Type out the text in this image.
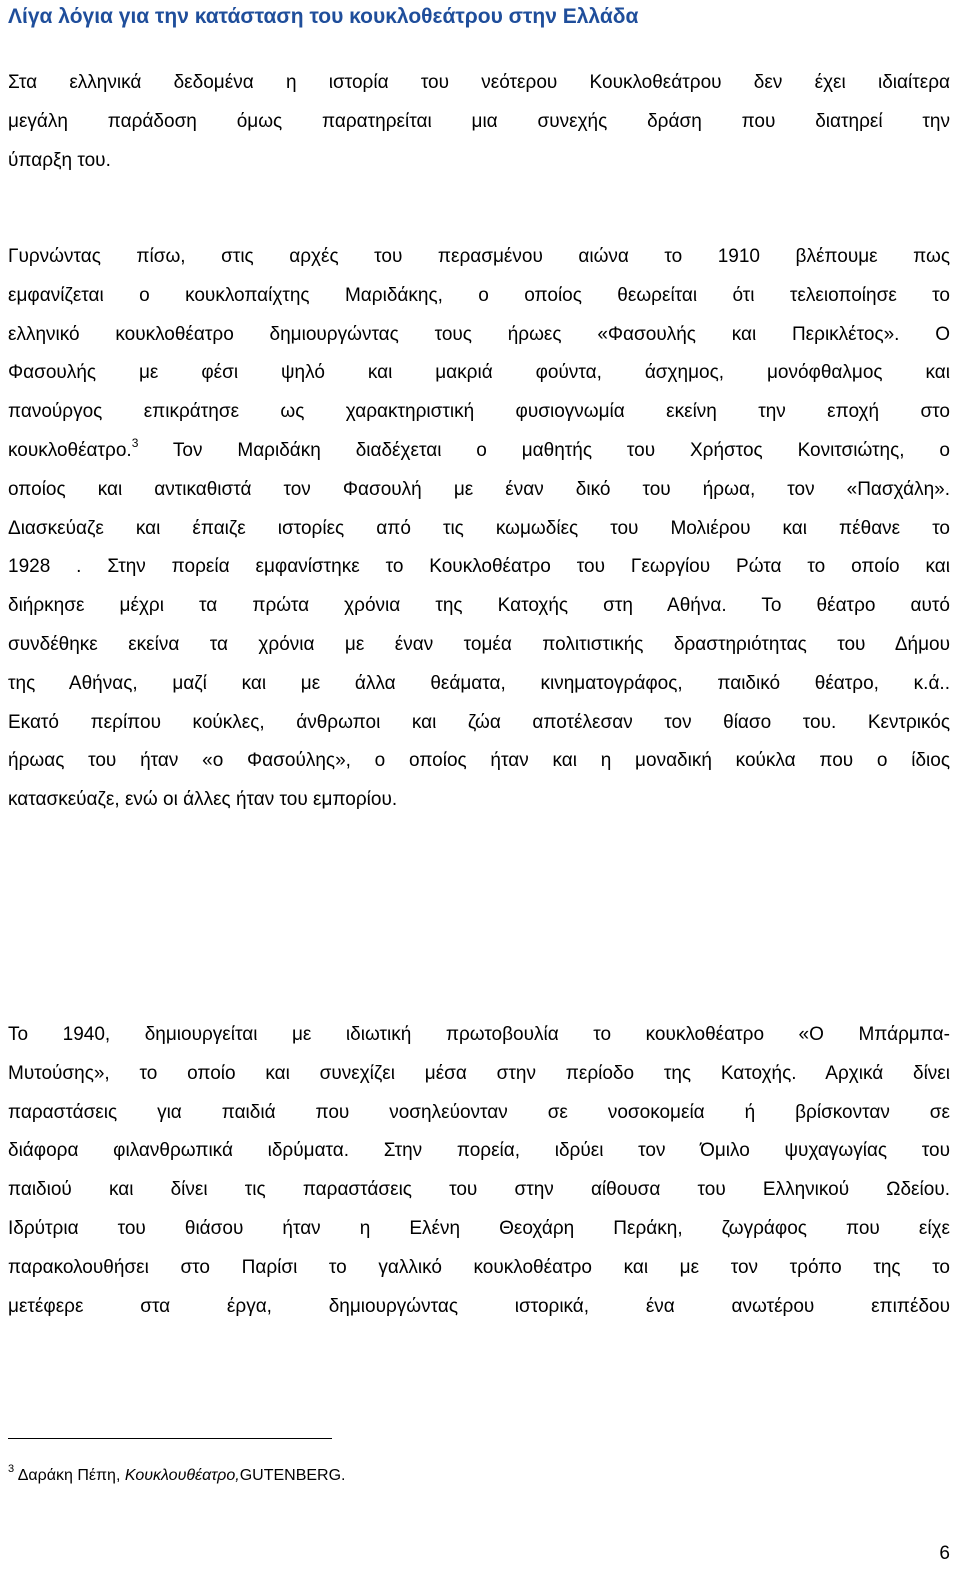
Λίγα λόγια για την κατάσταση του κουκλοθεάτρου στην Ελλάδα
Στα ελληνικά δεδομένα η ιστορία του νεότερου Κουκλοθεάτρου δεν έχει ιδιαίτερα
μεγάλη παράδοση όμως παρατηρείται μια συνεχής δράση που διατηρεί την
ύπαρξη του.
Γυρνώντας πίσω, στις αρχές του περασμένου αιώνα το 1910 βλέπουμε πως
εμφανίζεται ο κουκλοπαίχτης Μαριδάκης, ο οποίος θεωρείται ότι τελειοποίησε το
ελληνικό κουκλοθέατρο δημιουργώντας τους ήρωες «Φασουλής και Περικλέτος». Ο
Φασουλής με φέσι ψηλό και μακριά φούντα, άσχημος, μονόφθαλμος και
πανούργος επικράτησε ως χαρακτηριστική φυσιογνωμία εκείνη την εποχή στο
κουκλοθέατρο.$^3$ Τον Μαριδάκη διαδέχεται ο μαθητής του Χρήστος Κονιτσιώτης, ο
οποίος και αντικαθιστά τον Φασουλή με έναν δικό του ήρωα, τον «Πασχάλη».
Διασκεύαζε και έπαιζε ιστορίες από τις κωμωδίες του Μολιέρου και πέθανε το
1928 . Στην πορεία εμφανίστηκε το Κουκλοθέατρο του Γεωργίου Ρώτα το οποίο και
διήρκησε μέχρι τα πρώτα χρόνια της Κατοχής στη Αθήνα. Το θέατρο αυτό
συνδέθηκε εκείνα τα χρόνια με έναν τομέα πολιτιστικής δραστηριότητας του Δήμου
της Αθήνας, μαζί και με άλλα θεάματα, κινηματογράφος, παιδικό θέατρο, κ.ά..
Εκατό περίπου κούκλες, άνθρωποι και ζώα αποτέλεσαν τον θίασο του. Κεντρικός
ήρωας του ήταν «ο Φασούλης», ο οποίος ήταν και η μοναδική κούκλα που ο ίδιος
κατασκεύαζε, ενώ οι άλλες ήταν του εμπορίου.
Το 1940, δημιουργείται με ιδιωτική πρωτοβουλία το κουκλοθέατρο «Ο Μπάρμπα-
Μυτούσης», το οποίο και συνεχίζει μέσα στην περίοδο της Κατοχής. Αρχικά δίνει
παραστάσεις για παιδιά που νοσηλεύονταν σε νοσοκομεία ή βρίσκονταν σε
διάφορα φιλανθρωπικά ιδρύματα. Στην πορεία, ιδρύει τον Όμιλο ψυχαγωγίας του
παιδιού και δίνει τις παραστάσεις του στην αίθουσα του Ελληνικού Ωδείου.
Ιδρύτρια του θιάσου ήταν η Ελένη Θεοχάρη Περάκη, ζωγράφος που είχε
παρακολουθήσει στο Παρίσι το γαλλικό κουκλοθέατρο και με τον τρόπο της το
μετέφερε στα έργα, δημιουργώντας ιστορικά, ένα ανωτέρου επιπέδου
$^3$ Δαράκη Πέπη, Κουκλουθέατρο,GUTENBERG.
6
